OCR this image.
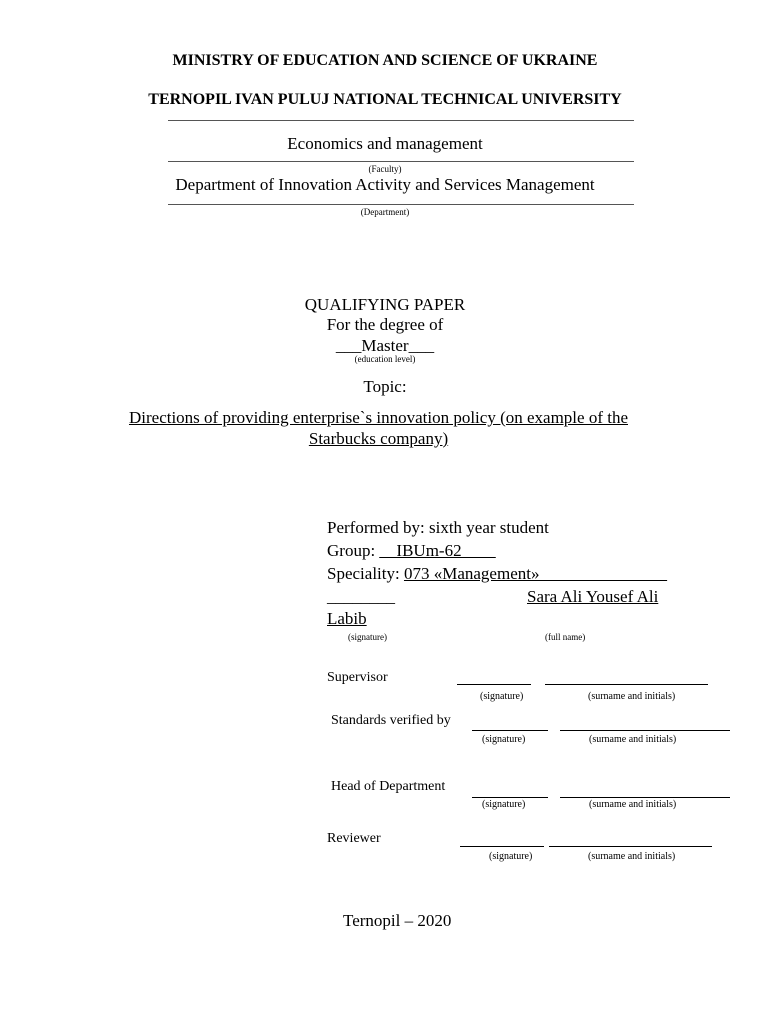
MINISTRY OF EDUCATION AND SCIENCE OF UKRAINE
TERNOPIL IVAN PULUJ NATIONAL TECHNICAL UNIVERSITY
Economics and management
(Faculty)
Department of Innovation Activity and Services Management
(Department)
QUALIFYING PAPER
For the degree of
___Master___
(education level)
Topic:
Directions of providing enterprise`s innovation policy (on example of the
Starbucks company)
Performed by: sixth year student
Group: __IBUm-62____
Speciality: 073 «Management»_______________
________	Sara Ali Yousef Ali
Labib
(signature)	(full name)
Supervisor
(signature)	(surname and initials)
Standards verified by
(signature)	(surname and initials)
Head of Department
(signature)	(surname and initials)
Reviewer
(signature)	(surname and initials)
Ternopil – 2020
